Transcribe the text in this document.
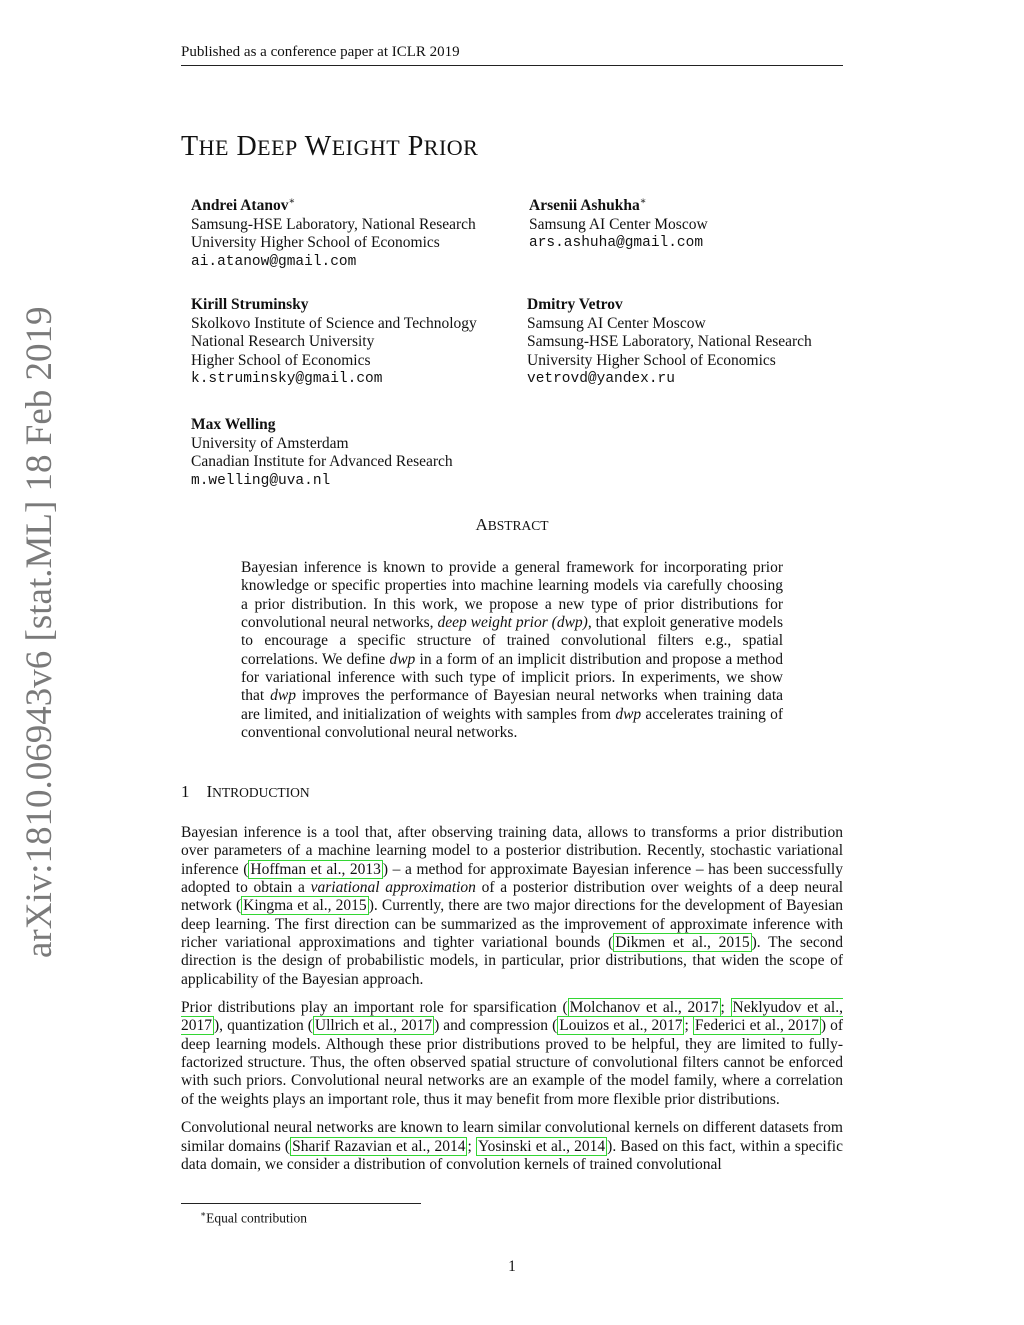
Published as a conference paper at ICLR 2019
arXiv:1810.06943v6 [stat.ML] 18 Feb 2019
THE DEEP WEIGHT PRIOR
Andrei Atanov∗
Samsung-HSE Laboratory, National Research
University Higher School of Economics
ai.atanow@gmail.com
Arsenii Ashukha∗
Samsung AI Center Moscow
ars.ashuha@gmail.com
Kirill Struminsky
Skolkovo Institute of Science and Technology
National Research University
Higher School of Economics
k.struminsky@gmail.com
Dmitry Vetrov
Samsung AI Center Moscow
Samsung-HSE Laboratory, National Research
University Higher School of Economics
vetrovd@yandex.ru
Max Welling
University of Amsterdam
Canadian Institute for Advanced Research
m.welling@uva.nl
ABSTRACT
Bayesian inference is known to provide a general framework for incorporating prior knowledge or specific properties into machine learning models via carefully choosing a prior distribution. In this work, we propose a new type of prior distributions for convolutional neural networks, deep weight prior (dwp), that exploit generative models to encourage a specific structure of trained convolutional filters e.g., spatial correlations. We define dwp in a form of an implicit distribution and propose a method for variational inference with such type of implicit priors. In experiments, we show that dwp improves the performance of Bayesian neural networks when training data are limited, and initialization of weights with samples from dwp accelerates training of conventional convolutional neural networks.
1 INTRODUCTION

Bayesian inference is a tool that, after observing training data, allows to transforms a prior distribution over parameters of a machine learning model to a posterior distribution. Recently, stochastic variational inference ( Hoffman et al., 2013 ) – a method for approximate Bayesian inference – has been successfully adopted to obtain a variational approximation of a posterior distribution over weights of a deep neural network ( Kingma et al., 2015 ). Currently, there are two major directions for the development of Bayesian deep learning. The first direction can be summarized as the improvement of approximate inference with richer variational approximations and tighter variational bounds ( Dikmen et al., 2015 ). The second direction is the design of probabilistic models, in particular, prior distributions, that widen the scope of applicability of the Bayesian approach.

Prior distributions play an important role for sparsification ( Molchanov et al., 2017 ; Neklyudov et al., 2017 ), quantization ( Ullrich et al., 2017 ) and compression ( Louizos et al., 2017 ; Federici et al., 2017 ) of deep learning models. Although these prior distributions proved to be helpful, they are limited to fully-factorized structure. Thus, the often observed spatial structure of convolutional filters cannot be enforced with such priors. Convolutional neural networks are an example of the model family, where a correlation of the weights plays an important role, thus it may benefit from more flexible prior distributions.

Convolutional neural networks are known to learn similar convolutional kernels on different datasets from similar domains ( Sharif Razavian et al., 2014 ; Yosinski et al., 2014 ). Based on this fact, within a specific data domain, we consider a distribution of convolution kernels of trained convolutional

∗Equal contribution
1
